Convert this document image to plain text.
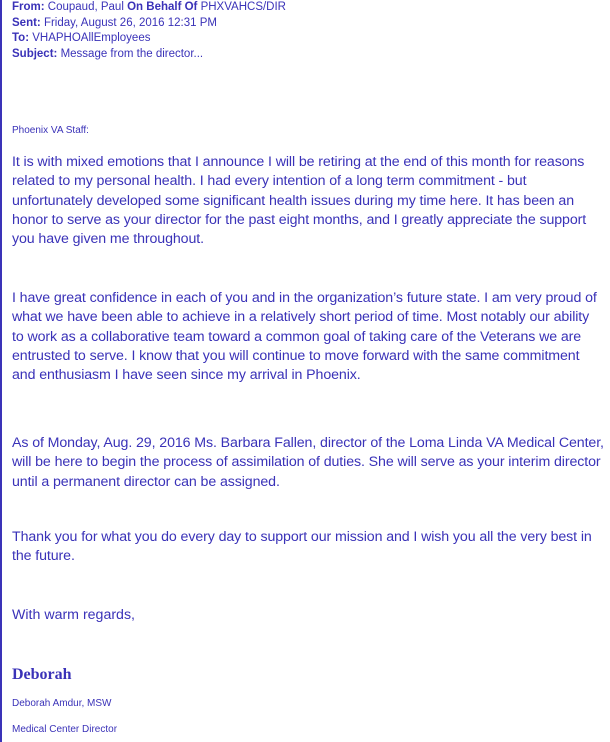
From: Coupaud, Paul On Behalf Of PHXVAHCS/DIR
Sent: Friday, August 26, 2016 12:31 PM
To: VHAPHOAllEmployees
Subject: Message from the director...
Phoenix VA Staff:

It is with mixed emotions that I announce I will be retiring at the end of this month for reasons related to my personal health. I had every intention of a long term commitment - but unfortunately developed some significant health issues during my time here. It has been an honor to serve as your director for the past eight months, and I greatly appreciate the support you have given me throughout.

I have great confidence in each of you and in the organization’s future state. I am very proud of what we have been able to achieve in a relatively short period of time. Most notably our ability to work as a collaborative team toward a common goal of taking care of the Veterans we are entrusted to serve. I know that you will continue to move forward with the same commitment and enthusiasm I have seen since my arrival in Phoenix.

As of Monday, Aug. 29, 2016 Ms. Barbara Fallen, director of the Loma Linda VA Medical Center, will be here to begin the process of assimilation of duties. She will serve as your interim director until a permanent director can be assigned.

Thank you for what you do every day to support our mission and I wish you all the very best in the future.

With warm regards,
Deborah
Deborah Amdur, MSW
Medical Center Director
